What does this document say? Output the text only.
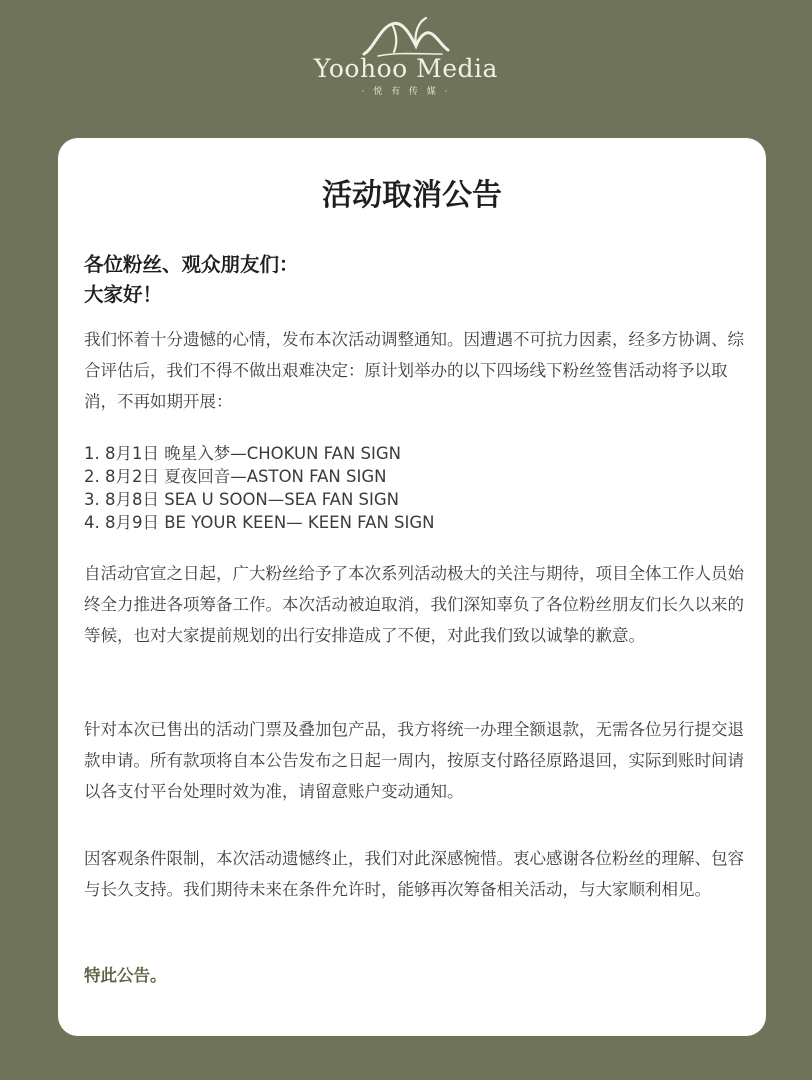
Yoohoo Media
· 悦 有 传 媒 ·
活动取消公告
各位粉丝、观众朋友们：
大家好！

我们怀着十分遗憾的心情，发布本次活动调整通知。因遭遇不可抗力因素，经多方协调、综合评估后，我们不得不做出艰难决定：原计划举办的以下四场线下粉丝签售活动将予以取消，不再如期开展：

1. 8月1日 晚星入梦—CHOKUN FAN SIGN
2. 8月2日 夏夜回音—ASTON FAN SIGN
3. 8月8日 SEA U SOON—SEA FAN SIGN
4. 8月9日 BE YOUR KEEN— KEEN FAN SIGN

自活动官宣之日起，广大粉丝给予了本次系列活动极大的关注与期待，项目全体工作人员始终全力推进各项筹备工作。本次活动被迫取消，我们深知辜负了各位粉丝朋友们长久以来的等候，也对大家提前规划的出行安排造成了不便，对此我们致以诚挚的歉意。

针对本次已售出的活动门票及叠加包产品，我方将统一办理全额退款，无需各位另行提交退款申请。所有款项将自本公告发布之日起一周内，按原支付路径原路退回，实际到账时间请以各支付平台处理时效为准，请留意账户变动通知。

因客观条件限制，本次活动遗憾终止，我们对此深感惋惜。衷心感谢各位粉丝的理解、包容与长久支持。我们期待未来在条件允许时，能够再次筹备相关活动，与大家顺利相见。

特此公告。
